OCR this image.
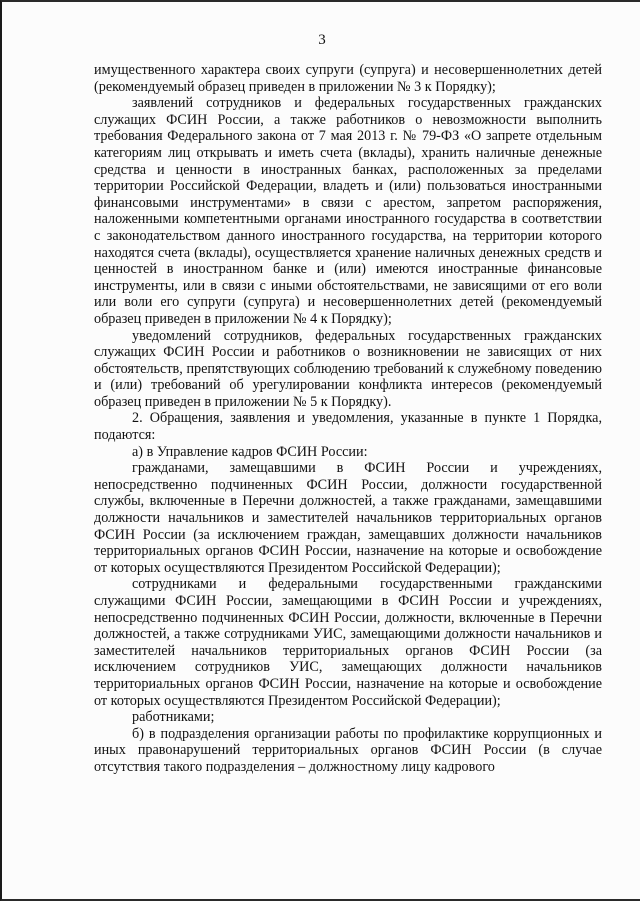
3

имущественного характера своих супруги (супруга) и несовершеннолетних детей (рекомендуемый образец приведен в приложении № 3 к Порядку);

заявлений сотрудников и федеральных государственных гражданских служащих ФСИН России, а также работников о невозможности выполнить требования Федерального закона от 7 мая 2013 г. № 79-ФЗ «О запрете отдельным категориям лиц открывать и иметь счета (вклады), хранить наличные денежные средства и ценности в иностранных банках, расположенных за пределами территории Российской Федерации, владеть и (или) пользоваться иностранными финансовыми инструментами» в связи с арестом, запретом распоряжения, наложенными компетентными органами иностранного государства в соответствии с законодательством данного иностранного государства, на территории которого находятся счета (вклады), осуществляется хранение наличных денежных средств и ценностей в иностранном банке и (или) имеются иностранные финансовые инструменты, или в связи с иными обстоятельствами, не зависящими от его воли или воли его супруги (супруга) и несовершеннолетних детей (рекомендуемый образец приведен в приложении № 4 к Порядку);

уведомлений сотрудников, федеральных государственных гражданских служащих ФСИН России и работников о возникновении не зависящих от них обстоятельств, препятствующих соблюдению требований к служебному поведению и (или) требований об урегулировании конфликта интересов (рекомендуемый образец приведен в приложении № 5 к Порядку).

2. Обращения, заявления и уведомления, указанные в пункте 1 Порядка, подаются:

а) в Управление кадров ФСИН России:

гражданами, замещавшими в ФСИН России и учреждениях, непосредственно подчиненных ФСИН России, должности государственной службы, включенные в Перечни должностей, а также гражданами, замещавшими должности начальников и заместителей начальников территориальных органов ФСИН России (за исключением граждан, замещавших должности начальников территориальных органов ФСИН России, назначение на которые и освобождение от которых осуществляются Президентом Российской Федерации);

сотрудниками и федеральными государственными гражданскими служащими ФСИН России, замещающими в ФСИН России и учреждениях, непосредственно подчиненных ФСИН России, должности, включенные в Перечни должностей, а также сотрудниками УИС, замещающими должности начальников и заместителей начальников территориальных органов ФСИН России (за исключением сотрудников УИС, замещающих должности начальников территориальных органов ФСИН России, назначение на которые и освобождение от которых осуществляются Президентом Российской Федерации);

работниками;

б) в подразделения организации работы по профилактике коррупционных и иных правонарушений территориальных органов ФСИН России (в случае отсутствия такого подразделения – должностному лицу кадрового
